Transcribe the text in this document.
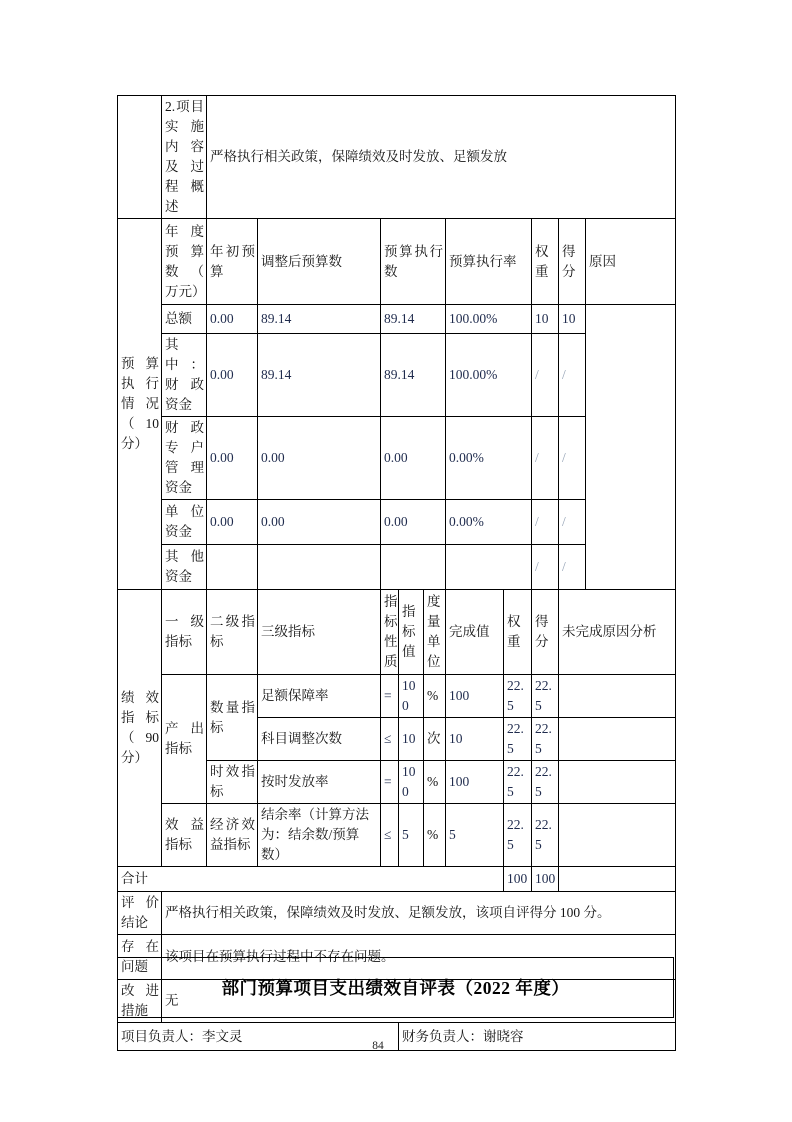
	2.项目实施内容及过程概述	严格执行相关政策，保障绩效及时发放、足额发放									
预算执行情况（ 10分）	年度预算数（ 万元）	年初预算	调整后预算数	预算执行数			预算执行率		权重	得分	原因
	总额	0.00	89.14	89.14			100.00%		10	10	
	其中：财政资金	0.00	89.14	89.14			100.00%		/	/	
	财政专户管理资金	0.00	0.00	0.00			0.00%		/	/	
	单位资金	0.00	0.00	0.00			0.00%		/	/	
	其他资金								/	/	
绩效指标（90分）	一级指标	二级指标	三级指标	指标性质	指标值	度量单位	完成值	权重	得分	未完成原因分析	
	产出指标	数量指标	足额保障率	=	100	%	100	22.5	22.5		
			科目调整次数	≤	10	次	10	22.5	22.5		
		时效指标	按时发放率	=	100	%	100	22.5	22.5		
	效益指标	经济效益指标	结余率（计算方法为：结余数/预算数）	≤	5	%	5	22.5	22.5		
合计								100	100		
评价结论	严格执行相关政策，保障绩效及时发放、足额发放，该项自评得分 100 分。										
存在问题	该项目在预算执行过程中不存在问题。										
改进措施	无										
项目负责人：李文灵					财务负责人：谢晓容						
部门预算项目支出绩效自评表（2022 年度）
84
